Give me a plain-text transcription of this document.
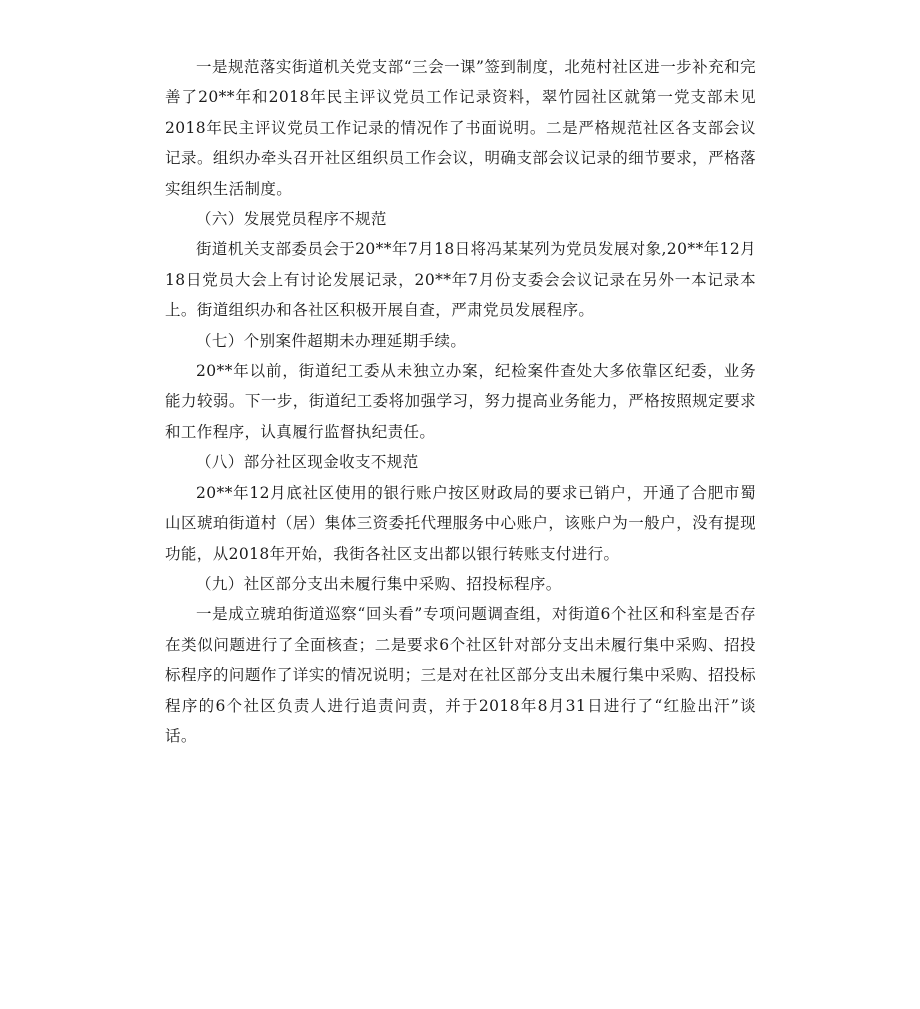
一是规范落实街道机关党支部“三会一课”签到制度，北苑村社区进一步补充和完善了20**年和2018年民主评议党员工作记录资料，翠竹园社区就第一党支部未见2018年民主评议党员工作记录的情况作了书面说明。二是严格规范社区各支部会议记录。组织办牵头召开社区组织员工作会议，明确支部会议记录的细节要求，严格落实组织生活制度。

（六）发展党员程序不规范

街道机关支部委员会于20**年7月18日将冯某某列为党员发展对象,20**年12月18日党员大会上有讨论发展记录，20**年7月份支委会会议记录在另外一本记录本上。街道组织办和各社区积极开展自查，严肃党员发展程序。

（七）个别案件超期未办理延期手续。

20**年以前，街道纪工委从未独立办案，纪检案件查处大多依靠区纪委，业务能力较弱。下一步，街道纪工委将加强学习，努力提高业务能力，严格按照规定要求和工作程序，认真履行监督执纪责任。

（八）部分社区现金收支不规范

20**年12月底社区使用的银行账户按区财政局的要求已销户，开通了合肥市蜀山区琥珀街道村（居）集体三资委托代理服务中心账户，该账户为一般户，没有提现功能，从2018年开始，我街各社区支出都以银行转账支付进行。

（九）社区部分支出未履行集中采购、招投标程序。

一是成立琥珀街道巡察“回头看”专项问题调查组，对街道6个社区和科室是否存在类似问题进行了全面核查；二是要求6个社区针对部分支出未履行集中采购、招投标程序的问题作了详实的情况说明；三是对在社区部分支出未履行集中采购、招投标程序的6个社区负责人进行追责问责，并于2018年8月31日进行了“红脸出汗”谈话。
